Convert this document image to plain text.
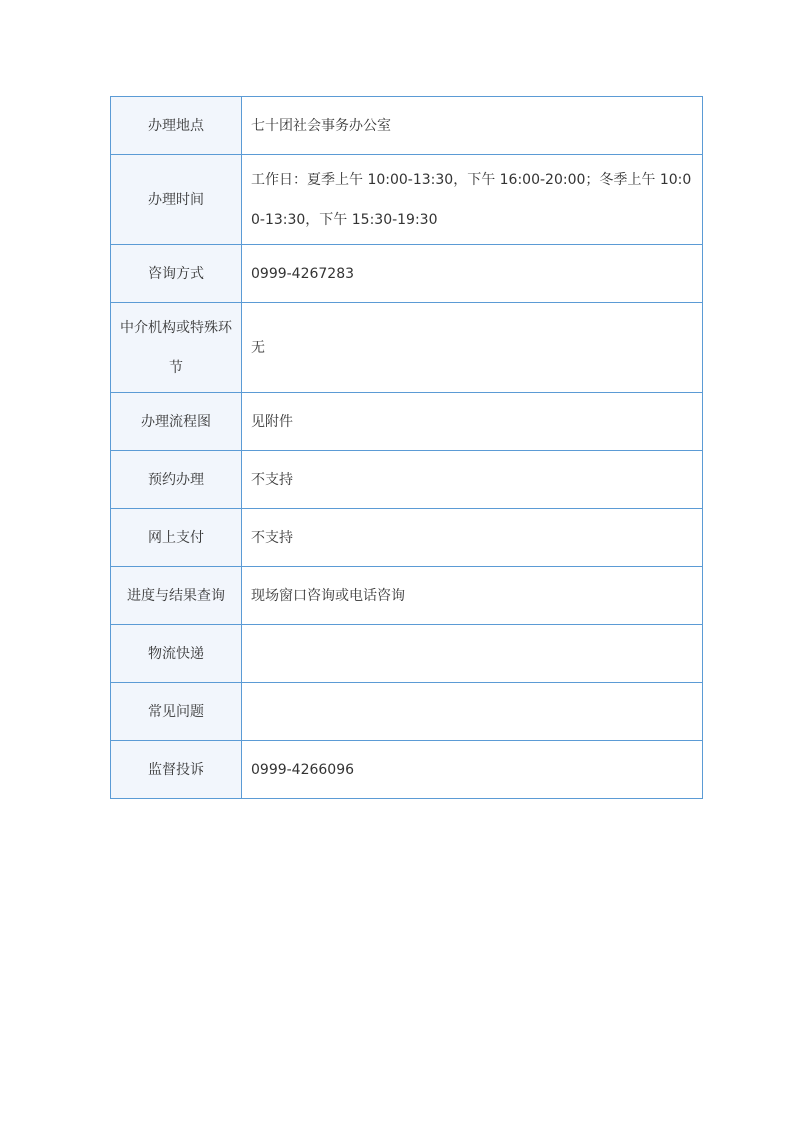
办理地点	七十团社会事务办公室
办理时间	工作日：夏季上午 10:00-13:30，下午 16:00-20:00；冬季上午 10:00-13:30，下午 15:30-19:30

咨询方式	0999-4267283

中介机构或特殊环节	无
办理流程图	见附件
预约办理	不支持
网上支付	不支持
进度与结果查询	现场窗口咨询或电话咨询
物流快递	
常见问题	
监督投诉	0999-4266096
